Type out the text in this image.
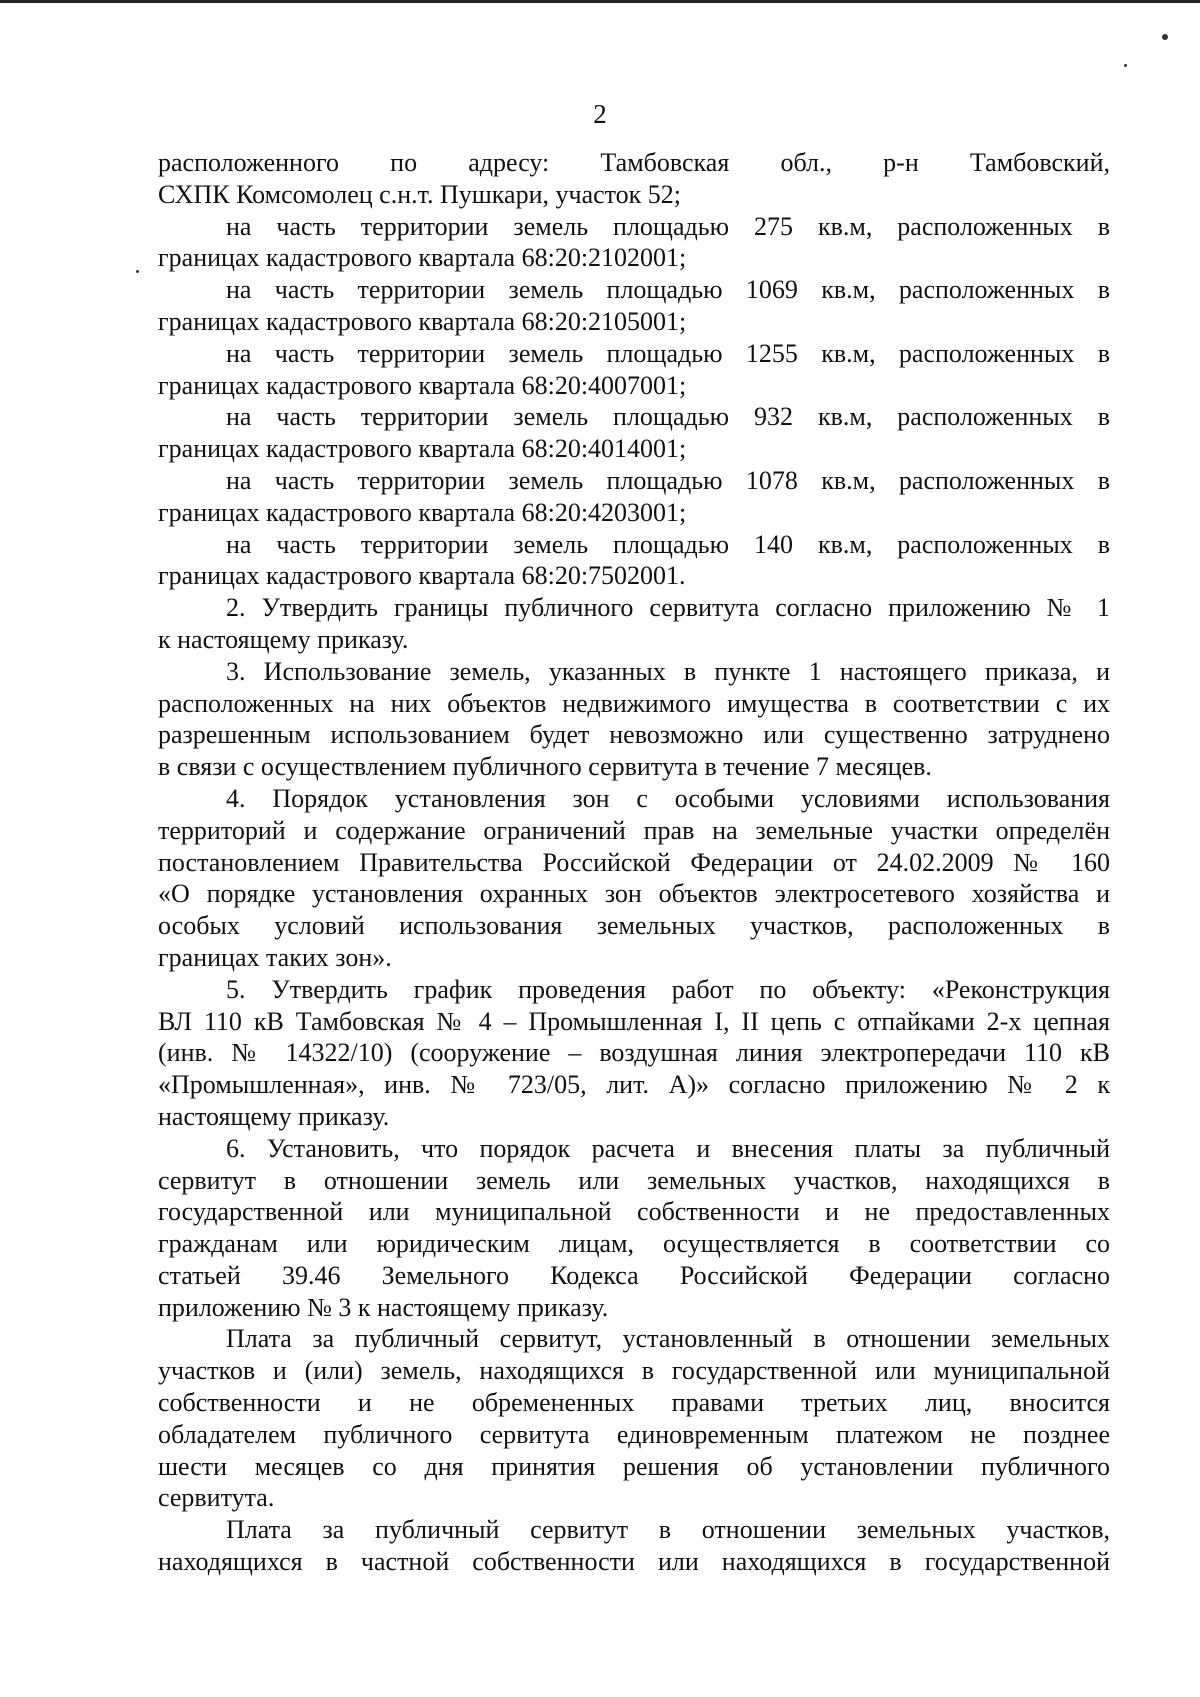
2
расположенного по адресу: Тамбовская обл., р-н Тамбовский,
СХПК Комсомолец с.н.т. Пушкари, участок 52;
на часть территории земель площадью 275 кв.м, расположенных в
границах кадастрового квартала 68:20:2102001;
на часть территории земель площадью 1069 кв.м, расположенных в
границах кадастрового квартала 68:20:2105001;
на часть территории земель площадью 1255 кв.м, расположенных в
границах кадастрового квартала 68:20:4007001;
на часть территории земель площадью 932 кв.м, расположенных в
границах кадастрового квартала 68:20:4014001;
на часть территории земель площадью 1078 кв.м, расположенных в
границах кадастрового квартала 68:20:4203001;
на часть территории земель площадью 140 кв.м, расположенных в
границах кадастрового квартала 68:20:7502001.
2. Утвердить границы публичного сервитута согласно приложению № 1
к настоящему приказу.
3. Использование земель, указанных в пункте 1 настоящего приказа, и
расположенных на них объектов недвижимого имущества в соответствии с их
разрешенным использованием будет невозможно или существенно затруднено
в связи с осуществлением публичного сервитута в течение 7 месяцев.
4. Порядок установления зон с особыми условиями использования
территорий и содержание ограничений прав на земельные участки определён
постановлением Правительства Российской Федерации от 24.02.2009 № 160
«О порядке установления охранных зон объектов электросетевого хозяйства и
особых условий использования земельных участков, расположенных в
границах таких зон».
5. Утвердить график проведения работ по объекту: «Реконструкция
ВЛ 110 кВ Тамбовская № 4 – Промышленная I, II цепь с отпайками 2-х цепная
(инв. № 14322/10) (сооружение – воздушная линия электропередачи 110 кВ
«Промышленная», инв. № 723/05, лит. А)» согласно приложению № 2 к
настоящему приказу.
6. Установить, что порядок расчета и внесения платы за публичный
сервитут в отношении земель или земельных участков, находящихся в
государственной или муниципальной собственности и не предоставленных
гражданам или юридическим лицам, осуществляется в соответствии со
статьей 39.46 Земельного Кодекса Российской Федерации согласно
приложению № 3 к настоящему приказу.
Плата за публичный сервитут, установленный в отношении земельных
участков и (или) земель, находящихся в государственной или муниципальной
собственности и не обремененных правами третьих лиц, вносится
обладателем публичного сервитута единовременным платежом не позднее
шести месяцев со дня принятия решения об установлении публичного
сервитута.
Плата за публичный сервитут в отношении земельных участков,
находящихся в частной собственности или находящихся в государственной
